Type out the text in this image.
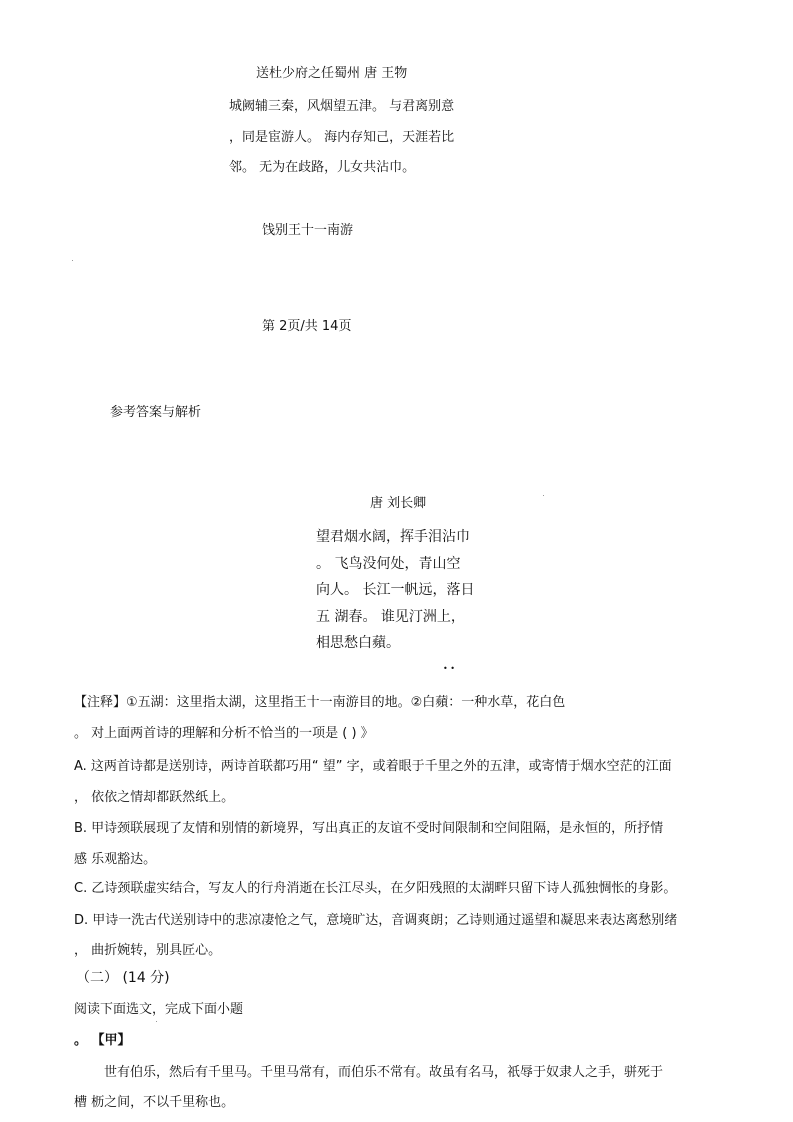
送杜少府之任蜀州 唐 王物
城阙辅三秦，风烟望五津。 与君离别意
，同是宦游人。 海内存知己，天涯若比
邻。 无为在歧路，儿女共沾巾。
饯别王十一南游
第 2页/共 14页
参考答案与解析
唐 刘长卿
望君烟水阔，挥手泪沾巾
。 飞鸟没何处，青山空
向人。 长江一帆远，落日
五 湖春。 谁见汀洲上，
相思愁白蘋。
• •
【注释】①五湖：这里指太湖，这里指王十一南游目的地。②白蘋：一种水草，花白色
。 对上面两首诗的理解和分析不恰当的一项是 ( ) 》
A. 这两首诗都是送别诗，两诗首联都巧用“ 望” 字，或着眼于千里之外的五津，或寄情于烟水空茫的江面
， 依依之情却都跃然纸上。
B. 甲诗颈联展现了友情和别情的新境界，写出真正的友谊不受时间限制和空间阻隔，是永恒的，所抒情
感 乐观豁达。
C. 乙诗颈联虚实结合，写友人的行舟消逝在长江尽头，在夕阳残照的太湖畔只留下诗人孤独惆怅的身影。
D. 甲诗一洗古代送别诗中的悲凉凄怆之气，意境旷达，音调爽朗；乙诗则通过遥望和凝思来表达离愁别绪
， 曲折婉转，别具匠心。
（二） (14 分)
阅读下面选文，完成下面小题
。 【甲】
世有伯乐，然后有千里马。千里马常有，而伯乐不常有。故虽有名马，祇辱于奴隶人之手，骈死于
槽 枥之间，不以千里称也。
